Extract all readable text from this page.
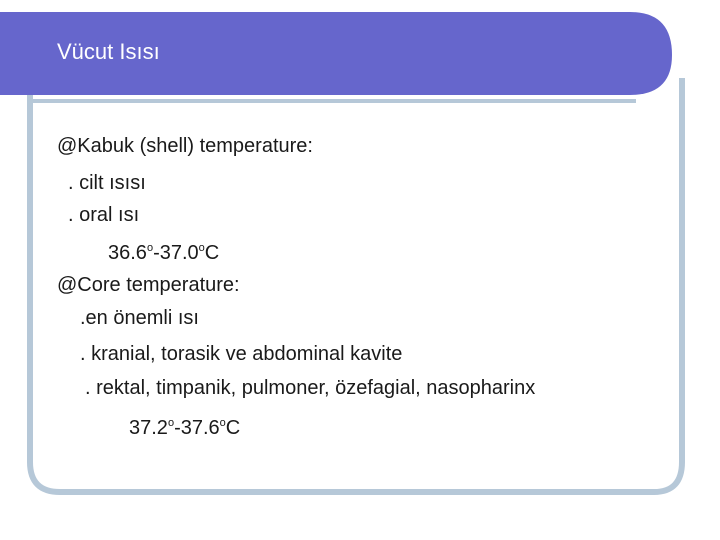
Vücut Isısı
@Kabuk (shell) temperature:
. cilt ısısı
. oral ısı
36.6$^o$-37.0$^o$C
@Core temperature:
.en önemli ısı
. kranial, torasik ve abdominal kavite
. rektal, timpanik, pulmoner, özefagial, nasopharinx
37.2$^o$-37.6$^o$C
